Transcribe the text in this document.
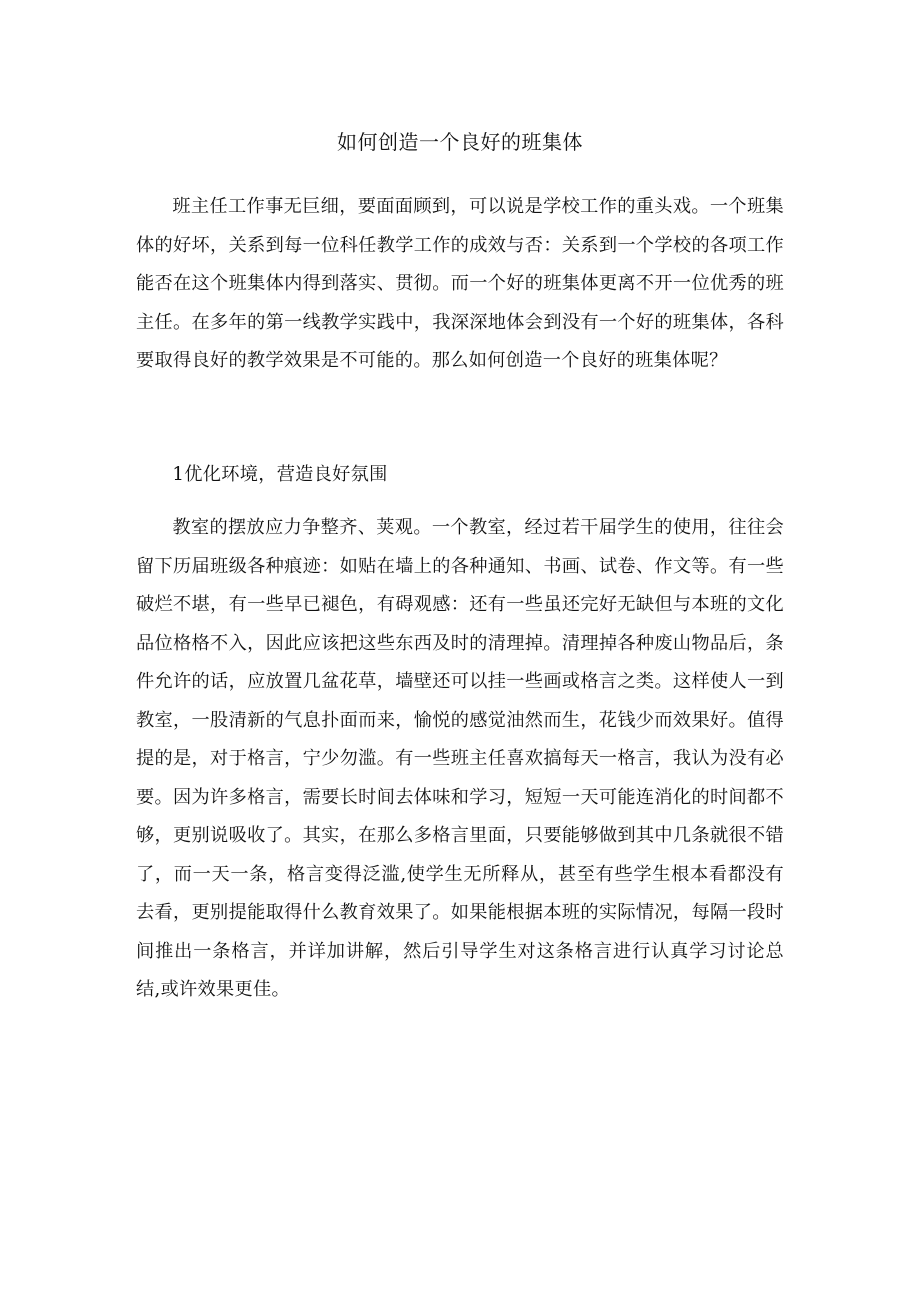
如何创造一个良好的班集体

班主任工作事无巨细，要面面顾到，可以说是学校工作的重头戏。一个班集体的好坏，关系到每一位科任教学工作的成效与否：关系到一个学校的各项工作能否在这个班集体内得到落实、贯彻。而一个好的班集体更离不开一位优秀的班主任。在多年的第一线教学实践中，我深深地体会到没有一个好的班集体，各科要取得良好的教学效果是不可能的。那么如何创造一个良好的班集体呢？

1优化环境，营造良好氛围

教室的摆放应力争整齐、荚观。一个教室，经过若干届学生的使用，往往会留下历届班级各种痕迹：如贴在墙上的各种通知、书画、试卷、作文等。有一些破烂不堪，有一些早已褪色，有碍观感：还有一些虽还完好无缺但与本班的文化品位格格不入，因此应该把这些东西及时的清理掉。清理掉各种废山物品后，条件允许的话，应放置几盆花草，墙壁还可以挂一些画或格言之类。这样使人一到教室，一股清新的气息扑面而来，愉悦的感觉油然而生，花钱少而效果好。值得提的是，对于格言，宁少勿滥。有一些班主任喜欢搞每天一格言，我认为没有必要。因为许多格言，需要长时间去体味和学习，短短一天可能连消化的时间都不够，更别说吸收了。其实，在那么多格言里面，只要能够做到其中几条就很不错了，而一天一条，格言变得泛滥,使学生无所释从，甚至有些学生根本看都没有去看，更别提能取得什么教育效果了。如果能根据本班的实际情况，每隔一段时间推出一条格言，并详加讲解，然后引导学生对这条格言进行认真学习讨论总结,或许效果更佳。
